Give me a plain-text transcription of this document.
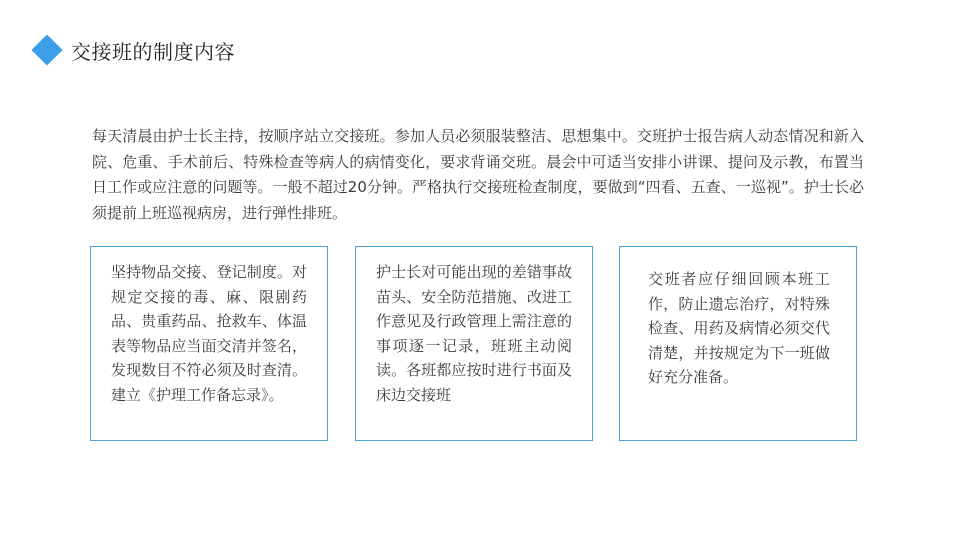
交接班的制度内容

每天清晨由护士长主持，按顺序站立交接班。参加人员必须服装整洁、思想集中。交班护士报告病人动态情况和新入院、危重、手术前后、特殊检查等病人的病情变化，要求背诵交班。晨会中可适当安排小讲课、提问及示教，布置当日工作或应注意的问题等。一般不超过20分钟。严格执行交接班检查制度，要做到“四看、五查、一巡视”。护士长必须提前上班巡视病房，进行弹性排班。

坚持物品交接、登记制度。对规定交接的毒、麻、限剧药品、贵重药品、抢救车、体温表等物品应当面交清并签名，发现数目不符必须及时查清。建立《护理工作备忘录》。

护士长对可能出现的差错事故苗头、安全防范措施、改进工作意见及行政管理上需注意的事项逐一记录，班班主动阅读。各班都应按时进行书面及床边交接班

交班者应仔细回顾本班工作，防止遗忘治疗，对特殊检查、用药及病情必须交代清楚，并按规定为下一班做好充分准备。
